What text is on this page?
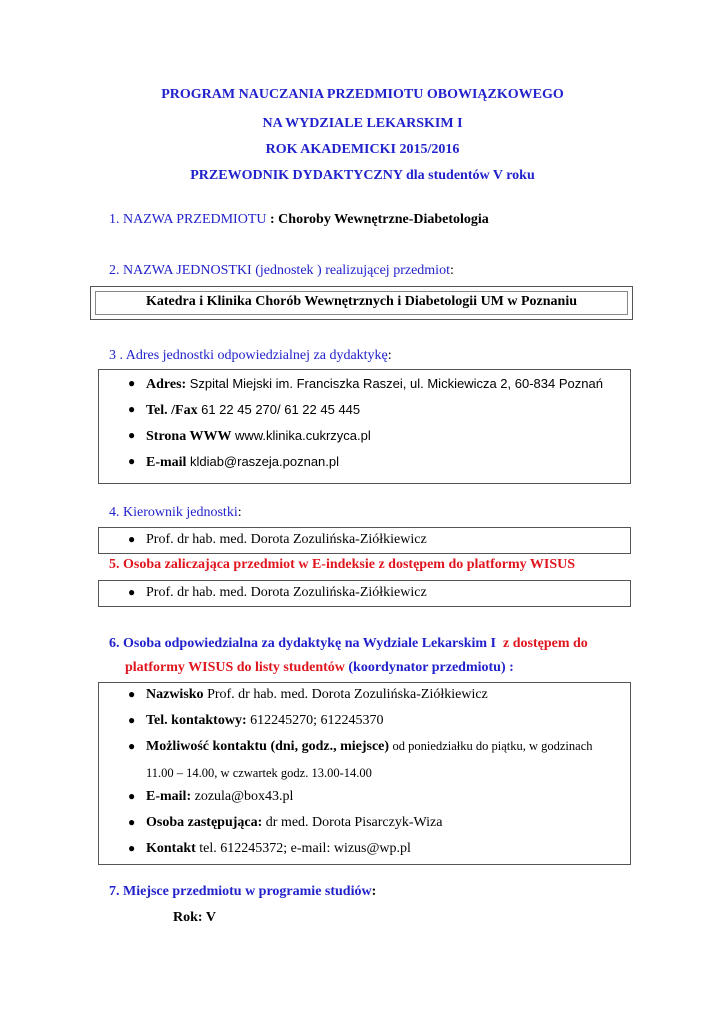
PROGRAM NAUCZANIA PRZEDMIOTU OBOWIĄZKOWEGO
NA WYDZIALE LEKARSKIM I
ROK AKADEMICKI 2015/2016
PRZEWODNIK DYDAKTYCZNY dla studentów V roku
1. NAZWA PRZEDMIOTU : Choroby Wewnętrzne-Diabetologia
2. NAZWA JEDNOSTKI (jednostek ) realizującej przedmiot:
Katedra i Klinika Chorób Wewnętrznych i Diabetologii UM w Poznaniu
3 . Adres jednostki odpowiedzialnej za dydaktykę:
● Adres: Szpital Miejski im. Franciszka Raszei, ul. Mickiewicza 2, 60-834 Poznań
● Tel. /Fax 61 22 45 270/ 61 22 45 445
● Strona WWW www.klinika.cukrzyca.pl
● E-mail kldiab@raszeja.poznan.pl
4. Kierownik jednostki:
● Prof. dr hab. med. Dorota Zozulińska-Ziółkiewicz
5. Osoba zaliczająca przedmiot w E-indeksie z dostępem do platformy WISUS
● Prof. dr hab. med. Dorota Zozulińska-Ziółkiewicz
6. Osoba odpowiedzialna za dydaktykę na Wydziale Lekarskim I z dostępem do
platformy WISUS do listy studentów (koordynator przedmiotu) :
● Nazwisko Prof. dr hab. med. Dorota Zozulińska-Ziółkiewicz
● Tel. kontaktowy: 612245270; 612245370
● Możliwość kontaktu (dni, godz., miejsce) od poniedziałku do piątku, w godzinach
11.00 – 14.00, w czwartek godz. 13.00-14.00
● E-mail: zozula@box43.pl
● Osoba zastępująca: dr med. Dorota Pisarczyk-Wiza
● Kontakt tel. 612245372; e-mail: wizus@wp.pl
7. Miejsce przedmiotu w programie studiów:
Rok: V
